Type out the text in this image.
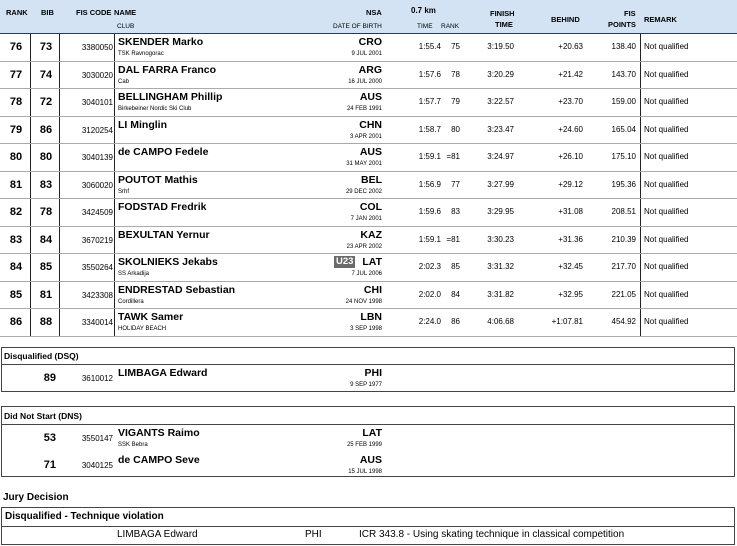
RANK BIB	FIS CODE NAME
CLUB
NSA
DATE OF BIRTH
0.7 km
TIME RANK
FINISH
TIME
BEHIND
FIS
POINTS
REMARK
76	73	3380050 SKENDER Marko
TSK Ravnogorac
CRO
9 JUL 2001
1:55.4	75	3:19.50	+20.63	138.40 Not qualified
77	74	3030020 DAL FARRA Franco
Cab
ARG
16 JUL 2000
1:57.6	78	3:20.29	+21.42	143.70 Not qualified
78	72	3040101 BELLINGHAM Phillip
Birkebeiner Nordic Ski Club
AUS
24 FEB 1991
1:57.7	79	3:22.57	+23.70	159.00 Not qualified
79	86	3120254 LI Minglin	CHN
3 APR 2001
1:58.7	80	3:23.47	+24.60	165.04 Not qualified
80	80	3040139 de CAMPO Fedele	AUS
31 MAY 2001
1:59.1 =81	3:24.97	+26.10	175.10 Not qualified
81	83	3060020 POUTOT Mathis
Srhf
BEL
29 DEC 2002
1:56.9	77	3:27.99	+29.12	195.36 Not qualified
82	78	3424509 FODSTAD Fredrik	COL
7 JAN 2001
1:59.6	83	3:29.95	+31.08	208.51 Not qualified
83	84	3670219 BEXULTAN Yernur	KAZ
23 APR 2002
1:59.1 =81	3:30.23	+31.36	210.39 Not qualified
84	85	3550264 SKOLNIEKS Jekabs
SS Arkadija
U23 LAT
7 JUL 2006
2:02.3	85	3:31.32	+32.45	217.70 Not qualified
85	81	3423308 ENDRESTAD Sebastian
Cordillera
CHI
24 NOV 1998
2:02.0	84	3:31.82	+32.95	221.05 Not qualified
86	88	3340014 TAWK Samer
HOLIDAY BEACH
LBN
3 SEP 1998
2:24.0	86	4:06.68	+1:07.81	454.92 Not qualified
Disqualified (DSQ)
89	3610012 LIMBAGA Edward	PHI
9 SEP 1977
Did Not Start (DNS)
53	3550147 VIGANTS Raimo
SSK Bebra
LAT
25 FEB 1999
71	3040125 de CAMPO Seve	AUS
15 JUL 1998
Jury Decision
Disqualified - Technique violation
LIMBAGA Edward	PHI	ICR 343.8 - Using skating technique in classical competition
